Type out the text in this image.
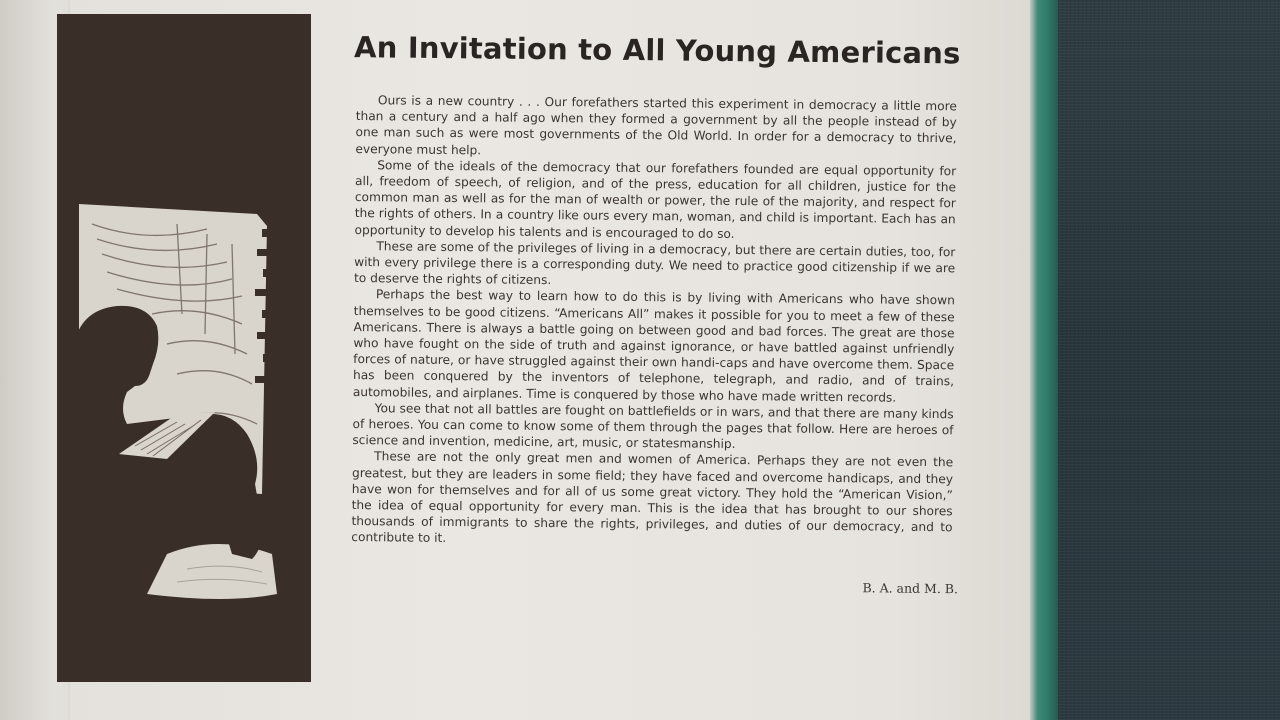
An Invitation to All Young Americans

Ours is a new country . . . Our forefathers started this experiment in democracy a little more than a century and a half ago when they formed a government by all the people instead of by one man such as were most governments of the Old World. In order for a democracy to thrive, everyone must help.

Some of the ideals of the democracy that our forefathers founded are equal opportunity for all, freedom of speech, of religion, and of the press, education for all children, justice for the common man as well as for the man of wealth or power, the rule of the majority, and respect for the rights of others. In a country like ours every man, woman, and child is important. Each has an opportunity to develop his talents and is encouraged to do so.

These are some of the privileges of living in a democracy, but there are certain duties, too, for with every privilege there is a corresponding duty. We need to practice good citizenship if we are to deserve the rights of citizens.

Perhaps the best way to learn how to do this is by living with Americans who have shown themselves to be good citizens. “Americans All” makes it possible for you to meet a few of these Americans. There is always a battle going on between good and bad forces. The great are those who have fought on the side of truth and against ignorance, or have battled against unfriendly forces of nature, or have struggled against their own handi-caps and have overcome them. Space has been conquered by the inventors of telephone, telegraph, and radio, and of trains, automobiles, and airplanes. Time is conquered by those who have made written records.

You see that not all battles are fought on battlefields or in wars, and that there are many kinds of heroes. You can come to know some of them through the pages that follow. Here are heroes of science and invention, medicine, art, music, or statesmanship.

These are not the only great men and women of America. Perhaps they are not even the greatest, but they are leaders in some field; they have faced and overcome handicaps, and they have won for themselves and for all of us some great victory. They hold the “American Vision,” the idea of equal opportunity for every man. This is the idea that has brought to our shores thousands of immigrants to share the rights, privileges, and duties of our democracy, and to contribute to it.

B. A. and M. B.
